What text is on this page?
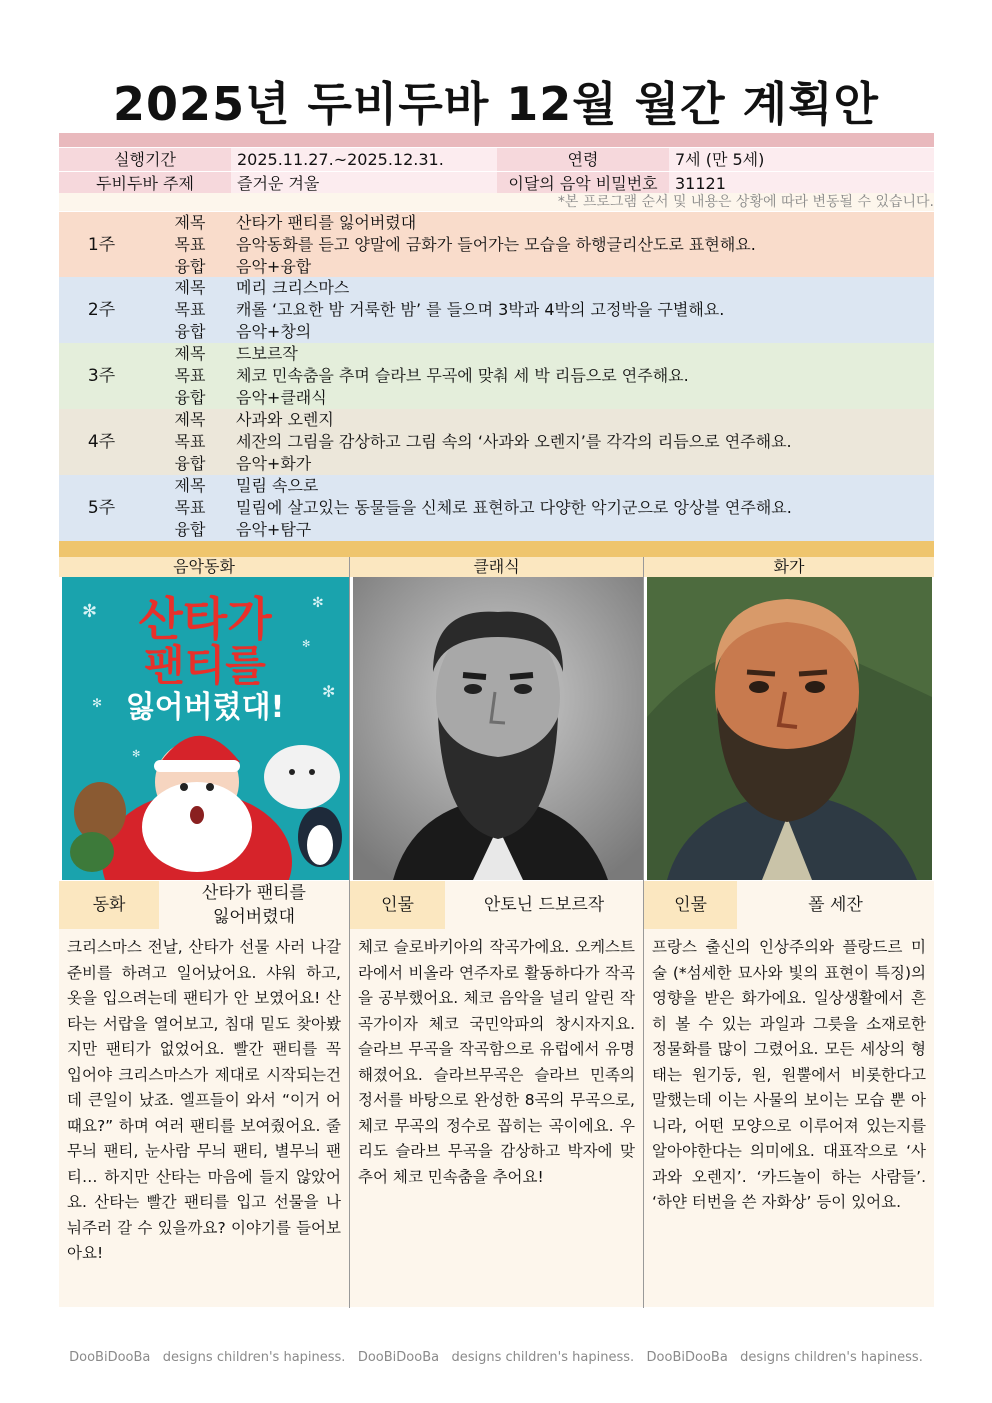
2025년 두비두바 12월 월간 계획안
실행기간	2025.11.27.~2025.12.31.	연령	7세 (만 5세)
두비두바 주제	즐거운 겨울	이달의 음악 비밀번호	31121
*본 프로그램 순서 및 내용은 상황에 따라 변동될 수 있습니다.
1주
제목	산타가 팬티를 잃어버렸대
목표	음악동화를 듣고 양말에 금화가 들어가는 모습을 하행글리산도로 표현해요.
융합	음악+융합
2주
제목	메리 크리스마스
목표	캐롤 ‘고요한 밤 거룩한 밤’ 를 들으며 3박과 4박의 고정박을 구별해요.
융합	음악+창의
3주
제목	드보르작
목표	체코 민속춤을 추며 슬라브 무곡에 맞춰 세 박 리듬으로 연주해요.
융합	음악+클래식
4주
제목	사과와 오렌지
목표	세잔의 그림을 감상하고 그림 속의 ‘사과와 오렌지’를 각각의 리듬으로 연주해요.
융합	음악+화가
5주
제목	밀림 속으로
목표	밀림에 살고있는 동물들을 신체로 표현하고 다양한 악기군으로 앙상블 연주해요.
융합	음악+탐구
음악동화	클래식	화가
✻	✻
✻
✻
✻
✻
산타가
팬티를
잃어버렸대!
동화
산타가 팬티를 잃어버렸대
인물	안토닌 드보르작	인물	폴 세잔
크리스마스 전날, 산타가 선물 사러 나갈 준비를 하려고 일어났어요. 샤워 하고, 옷을 입으려는데 팬티가 안 보였어요! 산타는 서랍을 열어보고, 침대 밑도 찾아봤지만 팬티가 없었어요. 빨간 팬티를 꼭 입어야 크리스마스가 제대로 시작되는건데 큰일이 났죠. 엘프들이 와서 “이거 어때요?” 하며 여러 팬티를 보여줬어요. 줄무늬 팬티, 눈사람 무늬 팬티, 별무늬 팬티… 하지만 산타는 마음에 들지 않았어요. 산타는 빨간 팬티를 입고 선물을 나눠주러 갈 수 있을까요? 이야기를 들어보아요!
체코 슬로바키아의 작곡가에요. 오케스트라에서 비올라 연주자로 활동하다가 작곡을 공부했어요. 체코 음악을 널리 알린 작곡가이자 체코 국민악파의 창시자지요. 슬라브 무곡을 작곡함으로 유럽에서 유명해졌어요. 슬라브무곡은 슬라브 민족의 정서를 바탕으로 완성한 8곡의 무곡으로, 체코 무곡의 정수로 꼽히는 곡이에요. 우리도 슬라브 무곡을 감상하고 박자에 맞추어 체코 민속춤을 추어요!
프랑스 출신의 인상주의와 플랑드르 미술 (*섬세한 묘사와 빛의 표현이 특징)의 영향을 받은 화가에요. 일상생활에서 흔히 볼 수 있는 과일과 그릇을 소재로한 정물화를 많이 그렸어요. 모든 세상의 형태는 원기둥, 원, 원뿔에서 비롯한다고 말했는데 이는 사물의 보이는 모습 뿐 아니라, 어떤 모양으로 이루어져 있는지를 알아야한다는 의미에요. 대표작으로 ‘사과와 오렌지’. ‘카드놀이 하는 사람들’. ‘하얀 터번을 쓴 자화상’ 등이 있어요.
DooBiDooBa   designs children's hapiness.   DooBiDooBa   designs children's hapiness.   DooBiDooBa   designs children's hapiness.
